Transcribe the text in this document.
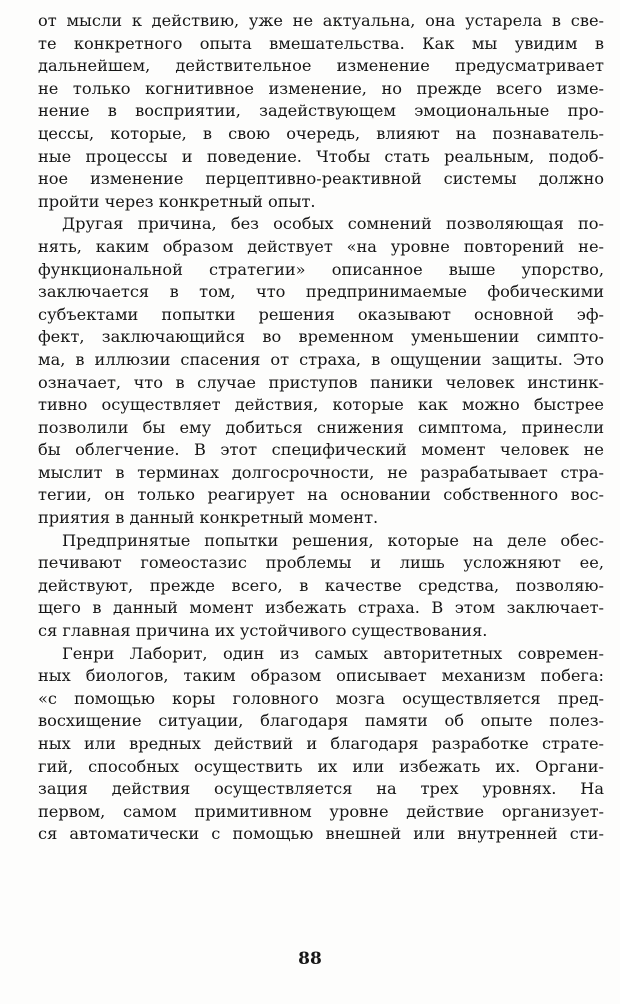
от мысли к действию, уже не актуальна, она устарела в све-
те конкретного опыта вмешательства. Как мы увидим в
дальнейшем, действительное изменение предусматривает
не только когнитивное изменение, но прежде всего изме-
нение в восприятии, задействующем эмоциональные про-
цессы, которые, в свою очередь, влияют на познаватель-
ные процессы и поведение. Чтобы стать реальным, подоб-
ное изменение перцептивно-реактивной системы должно
пройти через конкретный опыт.
Другая причина, без особых сомнений позволяющая по-
нять, каким образом действует «на уровне повторений не-
функциональной стратегии» описанное выше упорство,
заключается в том, что предпринимаемые фобическими
субъектами попытки решения оказывают основной эф-
фект, заключающийся во временном уменьшении симпто-
ма, в иллюзии спасения от страха, в ощущении защиты. Это
означает, что в случае приступов паники человек инстинк-
тивно осуществляет действия, которые как можно быстрее
позволили бы ему добиться снижения симптома, принесли
бы облегчение. В этот специфический момент человек не
мыслит в терминах долгосрочности, не разрабатывает стра-
тегии, он только реагирует на основании собственного вос-
приятия в данный конкретный момент.
Предпринятые попытки решения, которые на деле обес-
печивают гомеостазис проблемы и лишь усложняют ее,
действуют, прежде всего, в качестве средства, позволяю-
щего в данный момент избежать страха. В этом заключает-
ся главная причина их устойчивого существования.
Генри Лаборит, один из самых авторитетных современ-
ных биологов, таким образом описывает механизм побега:
«с помощью коры головного мозга осуществляется пред-
восхищение ситуации, благодаря памяти об опыте полез-
ных или вредных действий и благодаря разработке страте-
гий, способных осуществить их или избежать их. Органи-
зация действия осуществляется на трех уровнях. На
первом, самом примитивном уровне действие организует-
ся автоматически с помощью внешней или внутренней сти-
88
